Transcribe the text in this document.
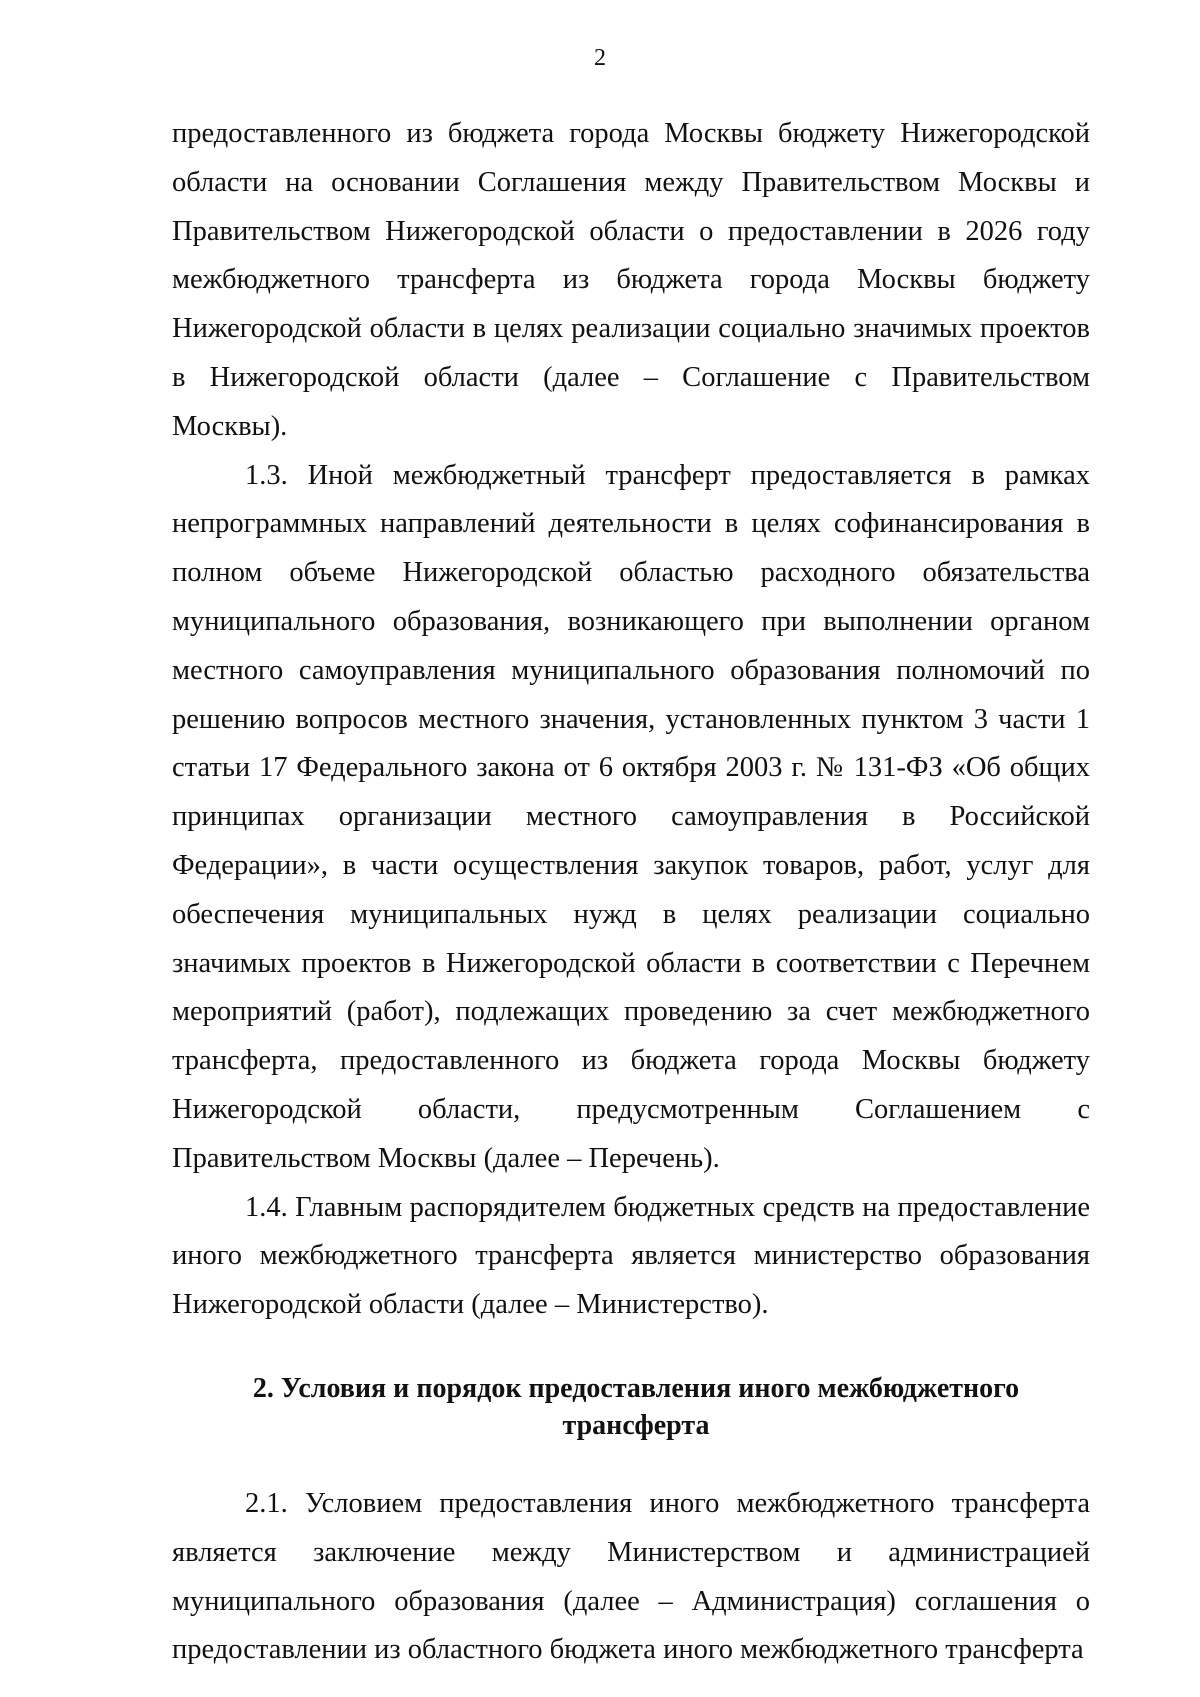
2

предоставленного из бюджета города Москвы бюджету Нижегородской области на основании Соглашения между Правительством Москвы и Правительством Нижегородской области о предоставлении в 2026 году межбюджетного трансферта из бюджета города Москвы бюджету Нижегородской области в целях реализации социально значимых проектов в Нижегородской области (далее – Соглашение с Правительством Москвы).

1.3. Иной межбюджетный трансферт предоставляется в рамках непрограммных направлений деятельности в целях софинансирования в полном объеме Нижегородской областью расходного обязательства муниципального образования, возникающего при выполнении органом местного самоуправления муниципального образования полномочий по решению вопросов местного значения, установленных пунктом 3 части 1 статьи 17 Федерального закона от 6 октября 2003 г. № 131-ФЗ «Об общих принципах организации местного самоуправления в Российской Федерации», в части осуществления закупок товаров, работ, услуг для обеспечения муниципальных нужд в целях реализации социально значимых проектов в Нижегородской области в соответствии с Перечнем мероприятий (работ), подлежащих проведению за счет межбюджетного трансферта, предоставленного из бюджета города Москвы бюджету Нижегородской области, предусмотренным Соглашением с Правительством Москвы (далее – Перечень).

1.4. Главным распорядителем бюджетных средств на предоставление иного межбюджетного трансферта является министерство образования Нижегородской области (далее – Министерство).

2. Условия и порядок предоставления иного межбюджетного
трансферта

2.1. Условием предоставления иного межбюджетного трансферта является заключение между Министерством и администрацией муниципального образования (далее – Администрация) соглашения о предоставлении из областного бюджета иного межбюджетного трансферта
